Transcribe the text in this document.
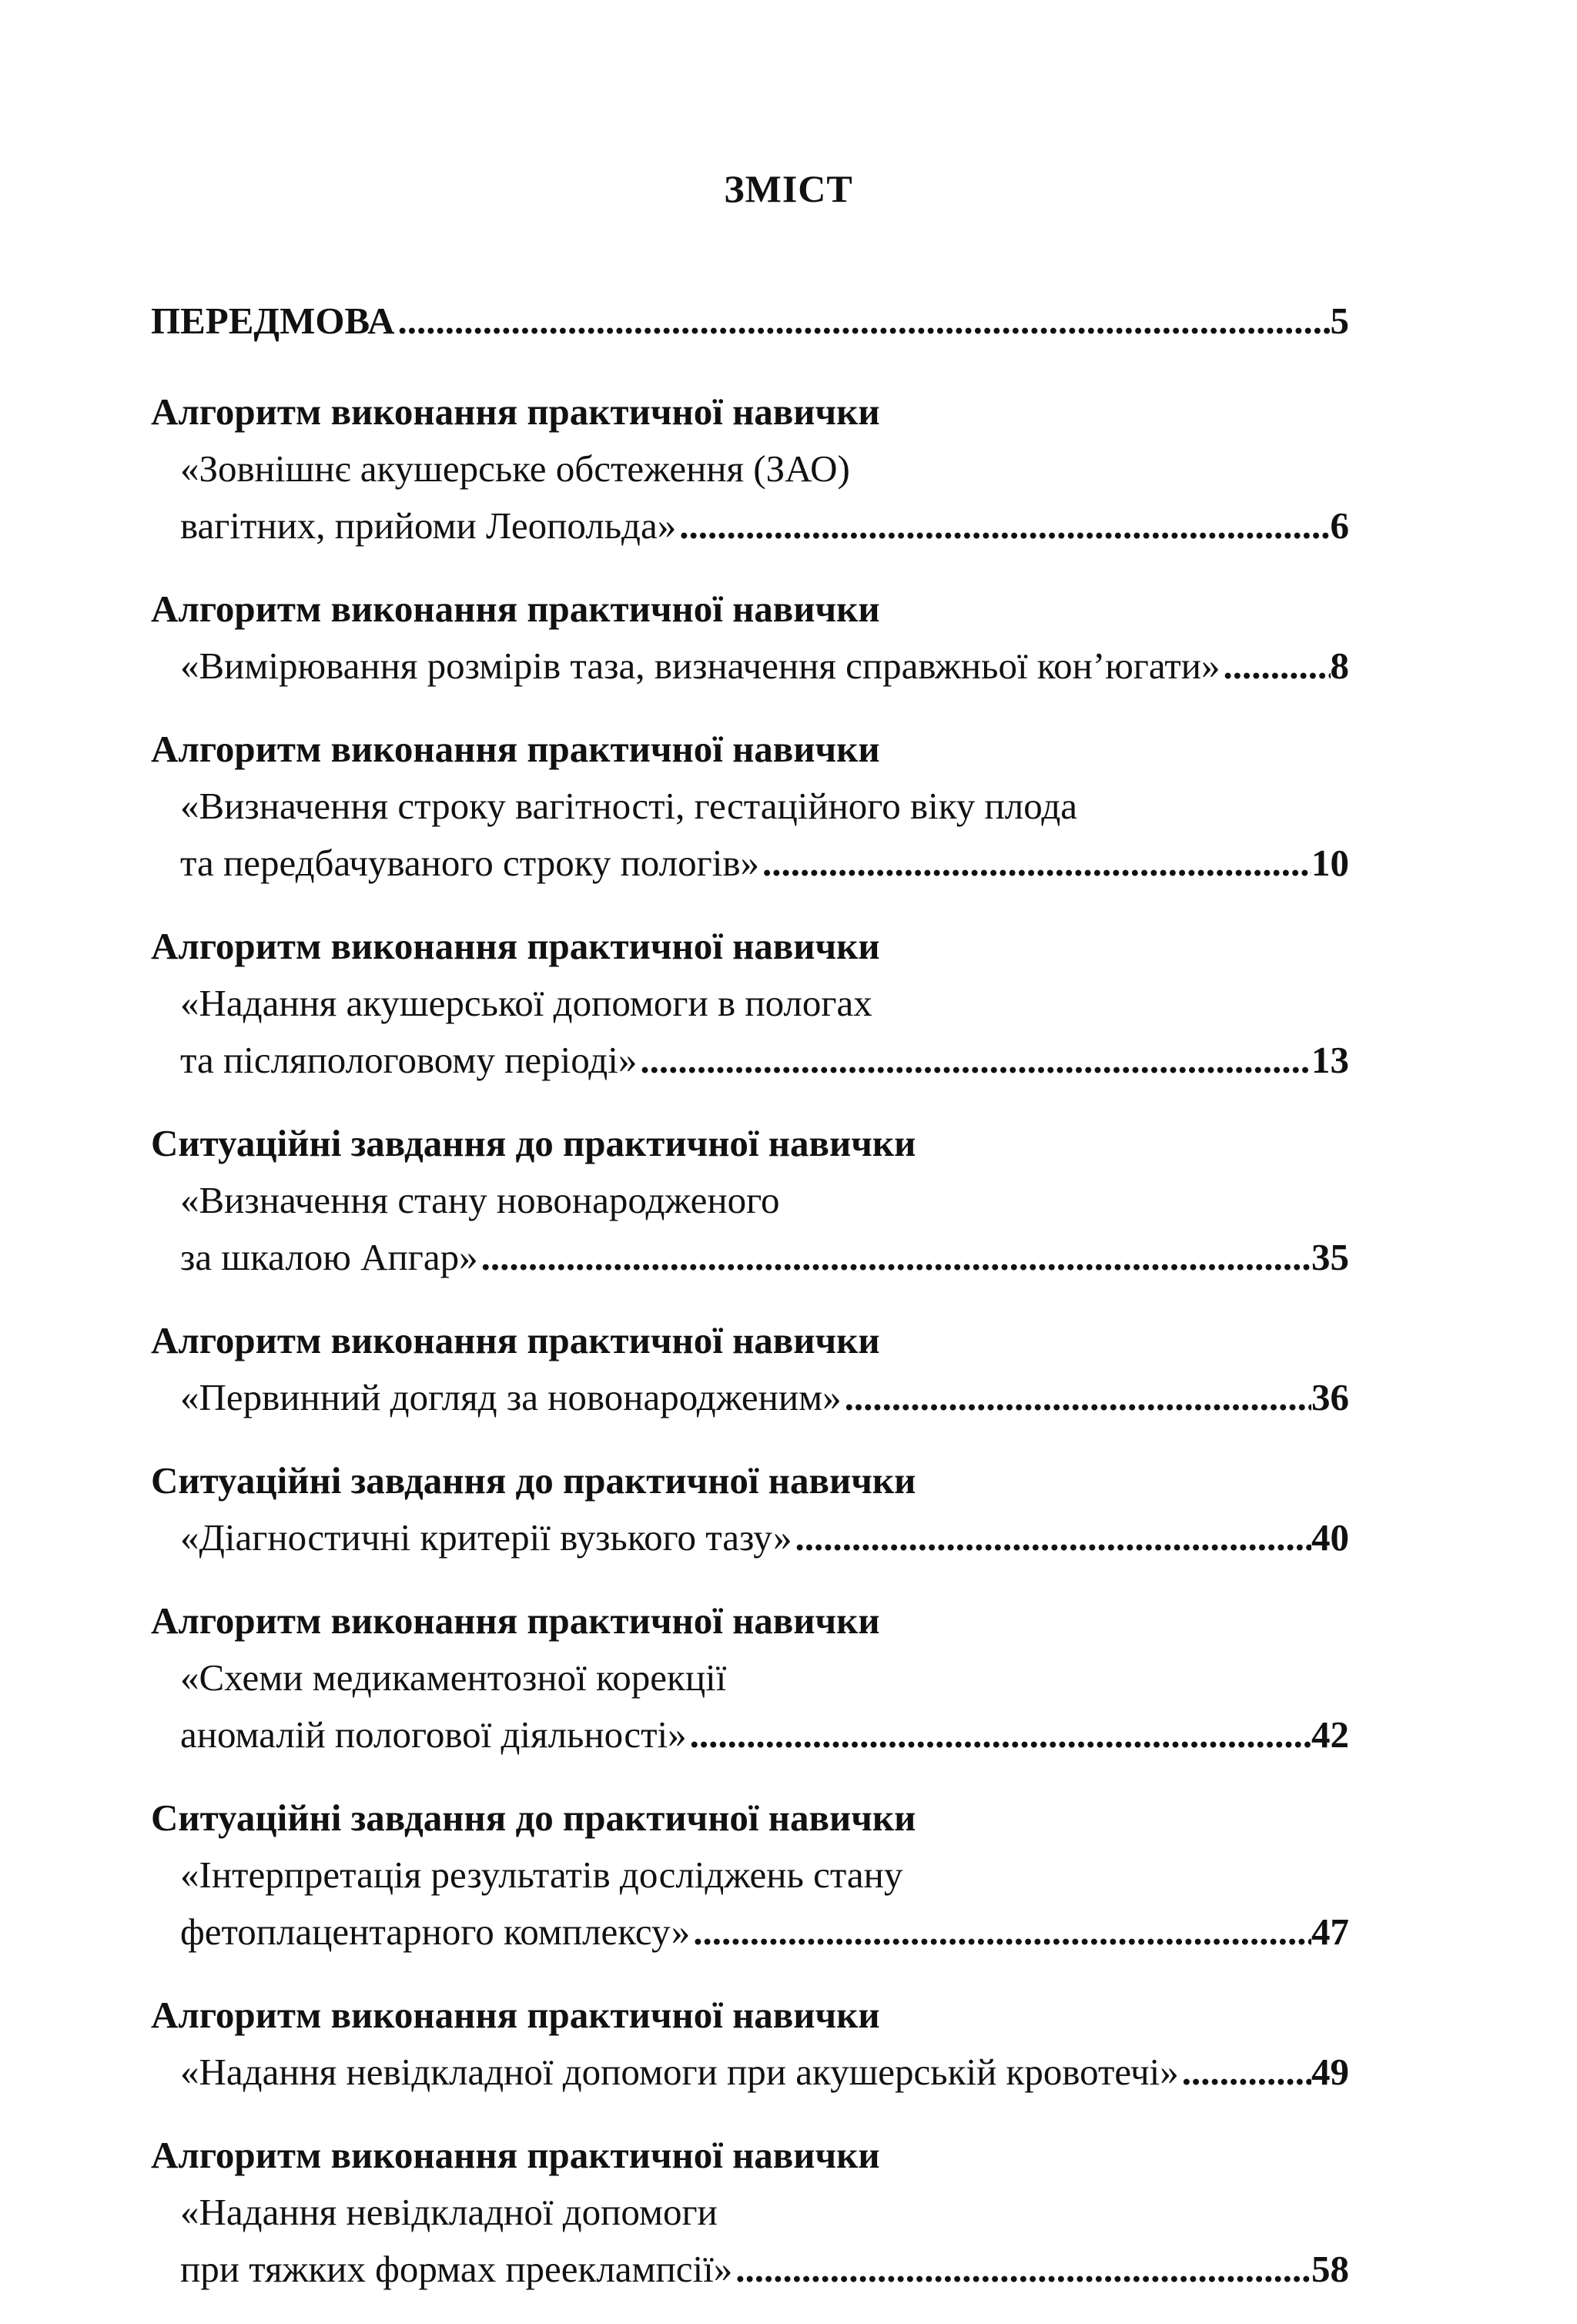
ЗМІСТ
ПЕРЕДМОВА .....	5
Алгоритм виконання практичної навички
«Зовнішнє акушерське обстеження (ЗАО)
вагітних, прийоми Леопольда» .....	6
Алгоритм виконання практичної навички
«Вимірювання розмірів таза, визначення справжньої кон’югати» .....	8
Алгоритм виконання практичної навички
«Визначення строку вагітності, гестаційного віку плода
та передбачуваного строку пологів» .....	10
Алгоритм виконання практичної навички
«Надання акушерської допомоги в пологах
та післяпологовому періоді» .....	13
Ситуаційні завдання до практичної навички
«Визначення стану новонародженого
за шкалою Апгар» .....	35
Алгоритм виконання практичної навички
«Первинний догляд за новонародженим» .....	36
Ситуаційні завдання до практичної навички
«Діагностичні критерії вузького тазу» .....	40
Алгоритм виконання практичної навички
«Схеми медикаментозної корекції
аномалій пологової діяльності» .....	42
Ситуаційні завдання до практичної навички
«Інтерпретація результатів досліджень стану
фетоплацентарного комплексу» .....	47
Алгоритм виконання практичної навички
«Надання невідкладної допомоги при акушерській кровотечі» .....	49
Алгоритм виконання практичної навички
«Надання невідкладної допомоги
при тяжких формах прееклампсії» .....	58
